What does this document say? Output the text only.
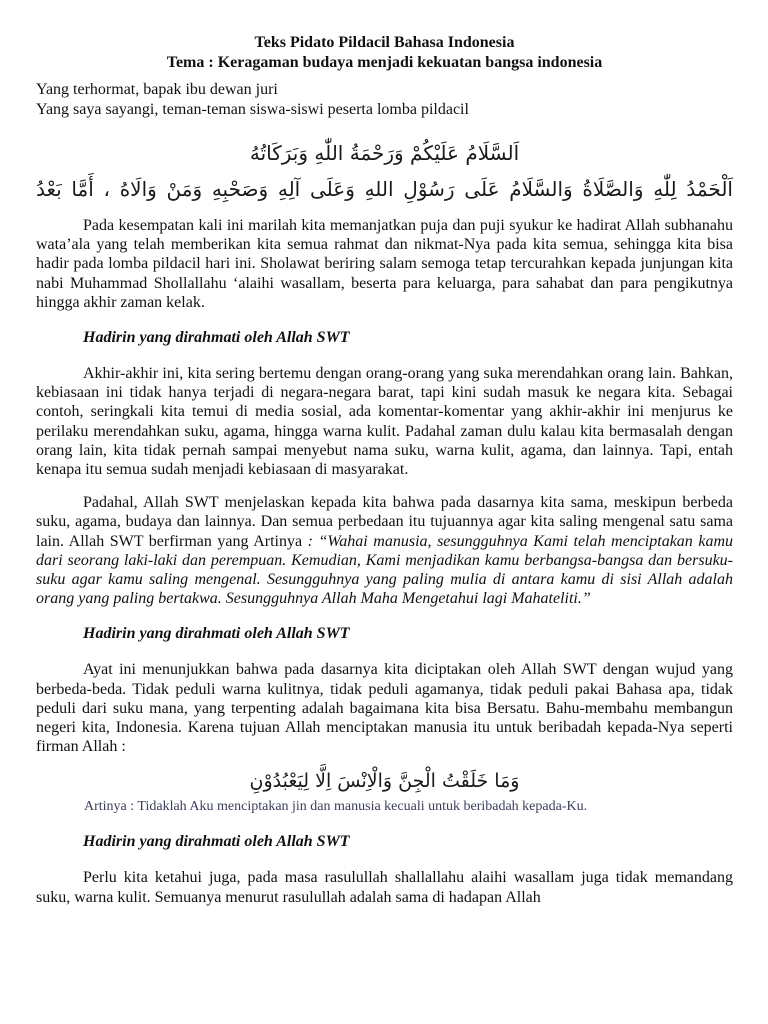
Teks Pidato Pildacil Bahasa Indonesia
Tema : Keragaman budaya menjadi kekuatan bangsa indonesia
Yang terhormat, bapak ibu dewan juri
Yang saya sayangi, teman-teman siswa-siswi peserta lomba pildacil
اَلسَّلَامُ عَلَيْكُمْ وَرَحْمَةُ اللّٰهِ وَبَرَكَاتُهُ
اَلْحَمْدُ لِلّٰهِ وَالصَّلَاةُ وَالسَّلَامُ عَلَى رَسُوْلِ اللهِ وَعَلَى آلِهِ وَصَحْبِهِ وَمَنْ وَالَاهُ ، أَمَّا بَعْدُ

Pada kesempatan kali ini marilah kita memanjatkan puja dan puji syukur ke hadirat Allah subhanahu wata’ala yang telah memberikan kita semua rahmat dan nikmat-Nya pada kita semua, sehingga kita bisa hadir pada lomba pildacil hari ini. Sholawat beriring salam semoga tetap tercurahkan kepada junjungan kita nabi Muhammad Shollallahu ‘alaihi wasallam, beserta para keluarga, para sahabat dan para pengikutnya hingga akhir zaman kelak.

Hadirin yang dirahmati oleh Allah SWT

Akhir-akhir ini, kita sering bertemu dengan orang-orang yang suka merendahkan orang lain. Bahkan, kebiasaan ini tidak hanya terjadi di negara-negara barat, tapi kini sudah masuk ke negara kita. Sebagai contoh, seringkali kita temui di media sosial, ada komentar-komentar yang akhir-akhir ini menjurus ke perilaku merendahkan suku, agama, hingga warna kulit. Padahal zaman dulu kalau kita bermasalah dengan orang lain, kita tidak pernah sampai menyebut nama suku, warna kulit, agama, dan lainnya. Tapi, entah kenapa itu semua sudah menjadi kebiasaan di masyarakat.

Padahal, Allah SWT menjelaskan kepada kita bahwa pada dasarnya kita sama, meskipun berbeda suku, agama, budaya dan lainnya. Dan semua perbedaan itu tujuannya agar kita saling mengenal satu sama lain. Allah SWT berfirman yang Artinya : “Wahai manusia, sesungguhnya Kami telah menciptakan kamu dari seorang laki-laki dan perempuan. Kemudian, Kami menjadikan kamu berbangsa-bangsa dan bersuku-suku agar kamu saling mengenal. Sesungguhnya yang paling mulia di antara kamu di sisi Allah adalah orang yang paling bertakwa. Sesungguhnya Allah Maha Mengetahui lagi Mahateliti.”

Hadirin yang dirahmati oleh Allah SWT

Ayat ini menunjukkan bahwa pada dasarnya kita diciptakan oleh Allah SWT dengan wujud yang berbeda-beda. Tidak peduli warna kulitnya, tidak peduli agamanya, tidak peduli pakai Bahasa apa, tidak peduli dari suku mana, yang terpenting adalah bagaimana kita bisa Bersatu. Bahu-membahu membangun negeri kita, Indonesia. Karena tujuan Allah menciptakan manusia itu untuk beribadah kepada-Nya seperti firman Allah :

وَمَا خَلَقْتُ الْجِنَّ وَالْاِنْسَ اِلَّا لِيَعْبُدُوْنِ
Artinya : Tidaklah Aku menciptakan jin dan manusia kecuali untuk beribadah kepada-Ku.
Hadirin yang dirahmati oleh Allah SWT

Perlu kita ketahui juga, pada masa rasulullah shallallahu alaihi wasallam juga tidak memandang suku, warna kulit. Semuanya menurut rasulullah adalah sama di hadapan Allah
